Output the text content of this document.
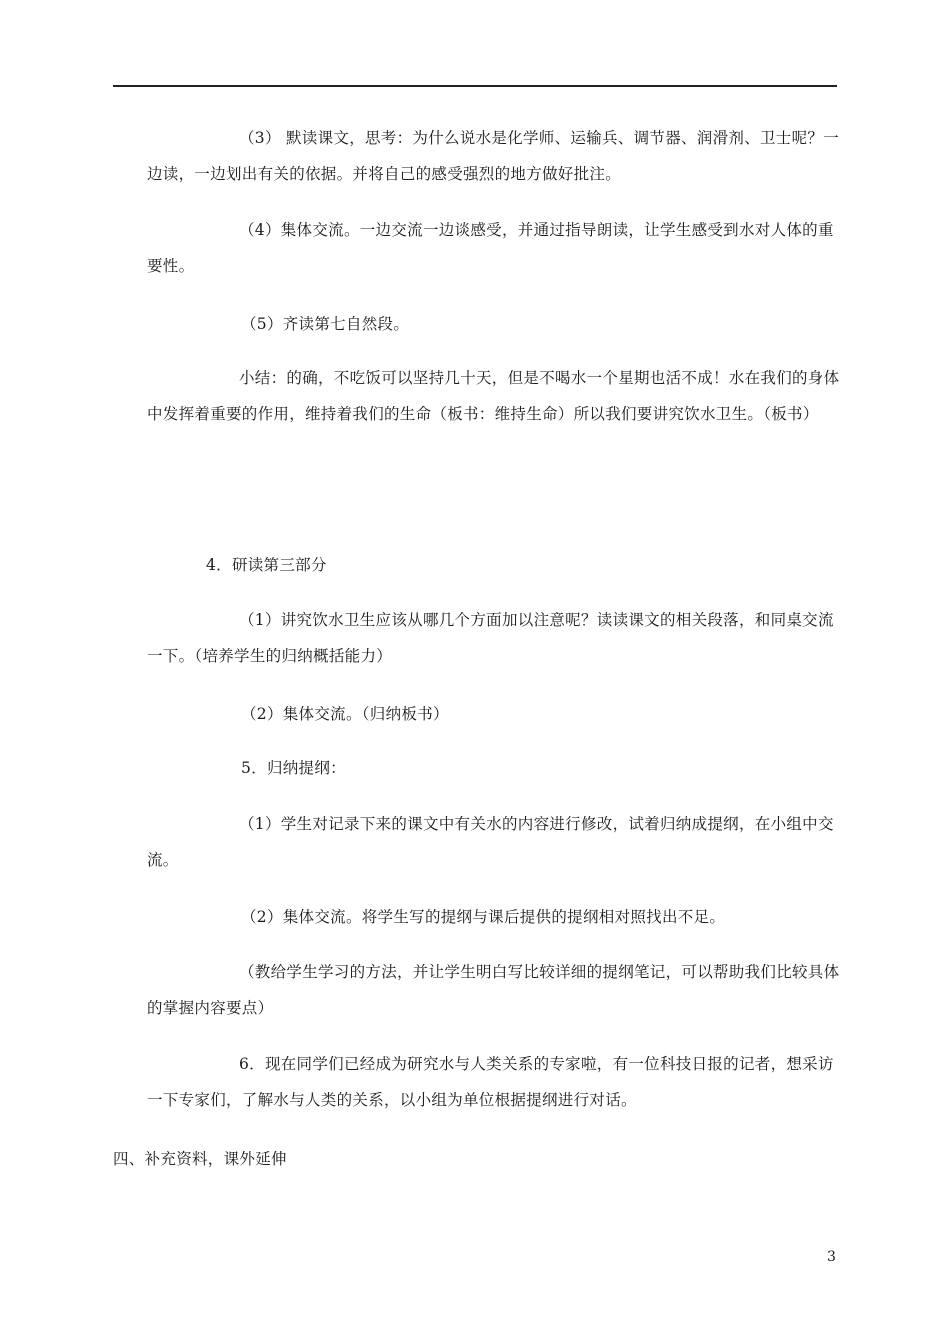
（3） 默读课文，思考：为什么说水是化学师、运输兵、调节器、润滑剂、卫士呢？一边读，一边划出有关的依据。并将自己的感受强烈的地方做好批注。

（4）集体交流。一边交流一边谈感受，并通过指导朗读，让学生感受到水对人体的重要性。

（5）齐读第七自然段。

小结：的确，不吃饭可以坚持几十天，但是不喝水一个星期也活不成！水在我们的身体中发挥着重要的作用，维持着我们的生命（板书：维持生命）所以我们要讲究饮水卫生。（板书）

4．研读第三部分

（1）讲究饮水卫生应该从哪几个方面加以注意呢？读读课文的相关段落，和同桌交流一下。（培养学生的归纳概括能力）

（2）集体交流。（归纳板书）

5．归纳提纲：

（1）学生对记录下来的课文中有关水的内容进行修改，试着归纳成提纲，在小组中交流。

（2）集体交流。将学生写的提纲与课后提供的提纲相对照找出不足。

（教给学生学习的方法，并让学生明白写比较详细的提纲笔记，可以帮助我们比较具体的掌握内容要点）

6．现在同学们已经成为研究水与人类关系的专家啦，有一位科技日报的记者，想采访一下专家们，了解水与人类的关系，以小组为单位根据提纲进行对话。

四、补充资料，课外延伸

3
